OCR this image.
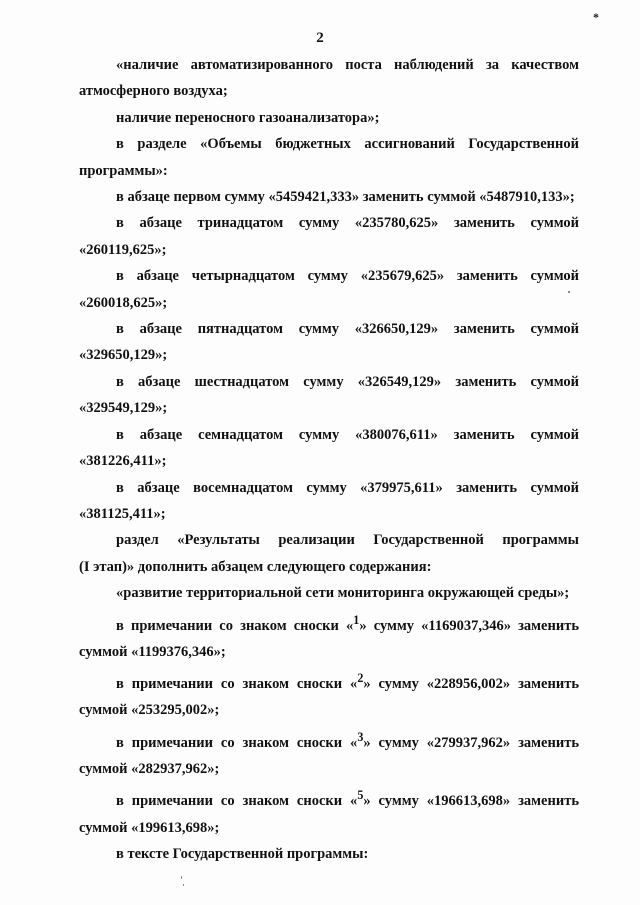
*
2

«наличие автоматизированного поста наблюдений за качеством

атмосферного воздуха;

наличие переносного газоанализатора»;

в разделе «Объемы бюджетных ассигнований Государственной

программы»:

в абзаце первом сумму «5459421,333» заменить суммой «5487910,133»;

в абзаце тринадцатом сумму «235780,625» заменить суммой

«260119,625»;

в абзаце четырнадцатом сумму «235679,625» заменить суммой

«260018,625»;

в абзаце пятнадцатом сумму «326650,129» заменить суммой

«329650,129»;

в абзаце шестнадцатом сумму «326549,129» заменить суммой

«329549,129»;

в абзаце семнадцатом сумму «380076,611» заменить суммой

«381226,411»;

в абзаце восемнадцатом сумму «379975,611» заменить суммой

«381125,411»;

раздел «Результаты реализации Государственной программы

(I этап)» дополнить абзацем следующего содержания:

«развитие территориальной сети мониторинга окружающей среды»;

в примечании со знаком сноски «$^1$» сумму «1169037,346» заменить

суммой «1199376,346»;

в примечании со знаком сноски «$^2$» сумму «228956,002» заменить

суммой «253295,002»;

в примечании со знаком сноски «$^3$» сумму «279937,962» заменить

суммой «282937,962»;

в примечании со знаком сноски «$^5$» сумму «196613,698» заменить

суммой «199613,698»;

в тексте Государственной программы:
